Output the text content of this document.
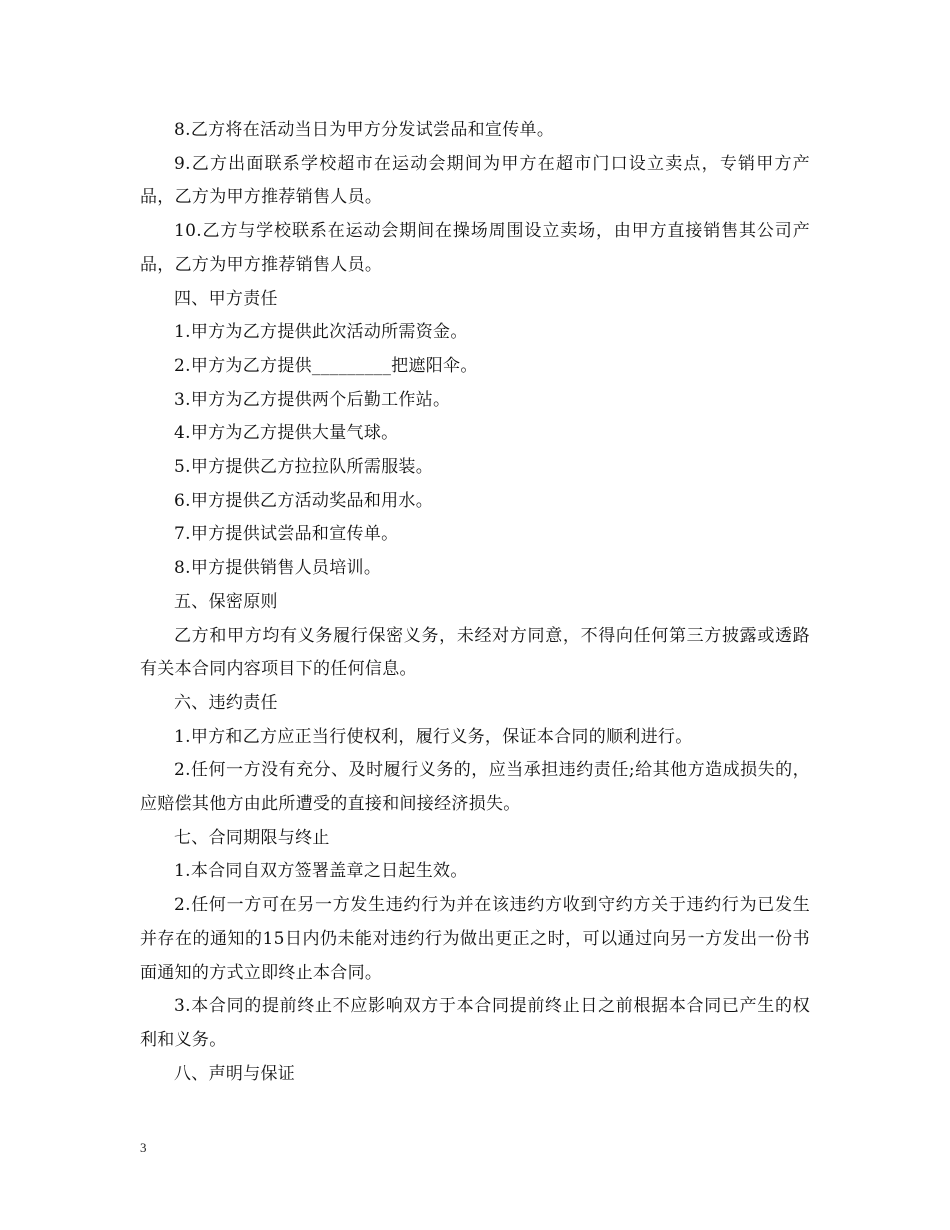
8.乙方将在活动当日为甲方分发试尝品和宣传单。

9.乙方出面联系学校超市在运动会期间为甲方在超市门口设立卖点，专销甲方产品，乙方为甲方推荐销售人员。

10.乙方与学校联系在运动会期间在操场周围设立卖场，由甲方直接销售其公司产品，乙方为甲方推荐销售人员。

四、甲方责任

1.甲方为乙方提供此次活动所需资金。

2.甲方为乙方提供_________把遮阳伞。

3.甲方为乙方提供两个后勤工作站。

4.甲方为乙方提供大量气球。

5.甲方提供乙方拉拉队所需服装。

6.甲方提供乙方活动奖品和用水。

7.甲方提供试尝品和宣传单。

8.甲方提供销售人员培训。

五、保密原则

乙方和甲方均有义务履行保密义务，未经对方同意，不得向任何第三方披露或透路有关本合同内容项目下的任何信息。

六、违约责任

1.甲方和乙方应正当行使权利，履行义务，保证本合同的顺利进行。

2.任何一方没有充分、及时履行义务的，应当承担违约责任;给其他方造成损失的，应赔偿其他方由此所遭受的直接和间接经济损失。

七、合同期限与终止

1.本合同自双方签署盖章之日起生效。

2.任何一方可在另一方发生违约行为并在该违约方收到守约方关于违约行为已发生并存在的通知的15日内仍未能对违约行为做出更正之时，可以通过向另一方发出一份书面通知的方式立即终止本合同。

3.本合同的提前终止不应影响双方于本合同提前终止日之前根据本合同已产生的权利和义务。

八、声明与保证

3
